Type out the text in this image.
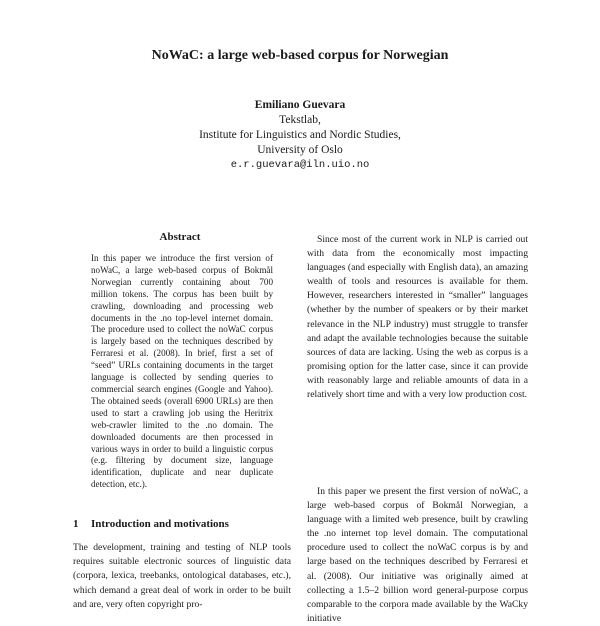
NoWaC: a large web-based corpus for Norwegian
Emiliano Guevara
Tekstlab,
Institute for Linguistics and Nordic Studies,
University of Oslo
e.r.guevara@iln.uio.no
Abstract
In this paper we introduce the first version of noWaC, a large web-based corpus of Bokmål Norwegian currently containing about 700 million tokens. The corpus has been built by crawling, downloading and processing web documents in the .no top-level internet domain. The procedure used to collect the noWaC corpus is largely based on the techniques described by Ferraresi et al. (2008). In brief, first a set of “seed” URLs containing documents in the target language is collected by sending queries to commercial search engines (Google and Yahoo). The obtained seeds (overall 6900 URLs) are then used to start a crawling job using the Heritrix web-crawler limited to the .no domain. The downloaded documents are then processed in various ways in order to build a linguistic corpus (e.g. filtering by document size, language identification, duplicate and near duplicate detection, etc.).
1 Introduction and motivations
The development, training and testing of NLP tools requires suitable electronic sources of linguistic data (corpora, lexica, treebanks, ontological databases, etc.), which demand a great deal of work in order to be built and are, very often copyright pro-
Since most of the current work in NLP is carried out with data from the economically most impacting languages (and especially with English data), an amazing wealth of tools and resources is available for them. However, researchers interested in “smaller” languages (whether by the number of speakers or by their market relevance in the NLP industry) must struggle to transfer and adapt the available technologies because the suitable sources of data are lacking. Using the web as corpus is a promising option for the latter case, since it can provide with reasonably large and reliable amounts of data in a relatively short time and with a very low production cost.
In this paper we present the first version of noWaC, a large web-based corpus of Bokmål Norwegian, a language with a limited web presence, built by crawling the .no internet top level domain. The computational procedure used to collect the noWaC corpus is by and large based on the techniques described by Ferraresi et al. (2008). Our initiative was originally aimed at collecting a 1.5–2 billion word general-purpose corpus comparable to the corpora made available by the WaCky initiative
